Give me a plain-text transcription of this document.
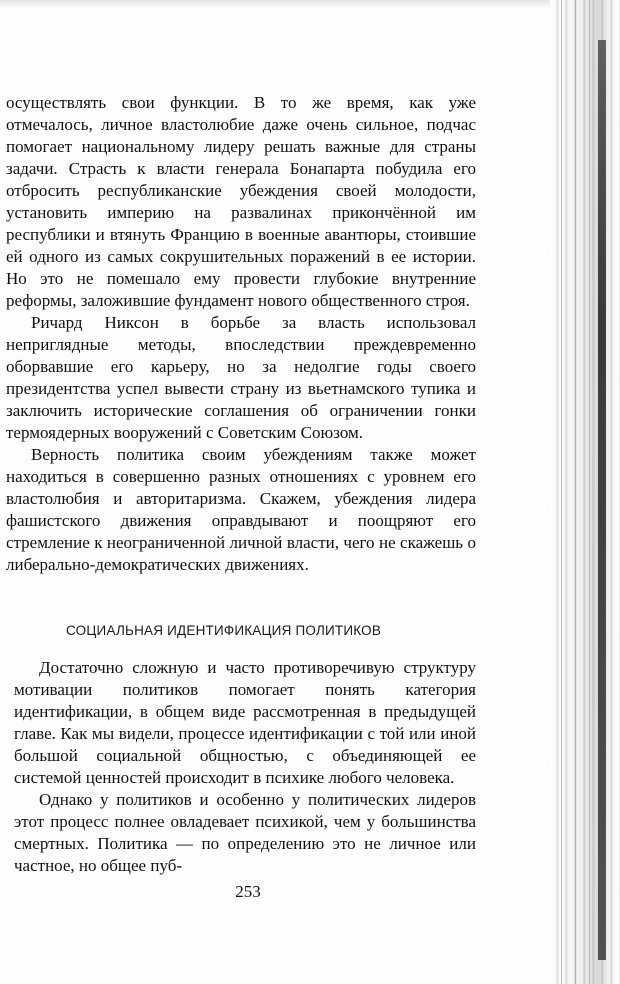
осуществлять свои функции. В то же время, как уже отмечалось, личное властолюбие даже очень сильное, подчас помогает национальному лидеру решать важные для страны задачи. Страсть к власти генерала Бонапарта побудила его отбросить республиканские убеждения своей молодости, установить империю на развалинах прикончённой им республики и втянуть Францию в военные авантюры, стоившие ей одного из самых сокрушительных поражений в ее истории. Но это не помешало ему провести глубокие внутренние реформы, заложившие фундамент нового общественного строя.

Ричард Никсон в борьбе за власть использовал неприглядные методы, впоследствии преждевременно оборвавшие его карьеру, но за недолгие годы своего президентства успел вывести страну из вьетнамского тупика и заключить исторические соглашения об ограничении гонки термоядерных вооружений с Советским Союзом.

Верность политика своим убеждениям также может находиться в совершенно разных отношениях с уровнем его властолюбия и авторитаризма. Скажем, убеждения лидера фашистского движения оправдывают и поощряют его стремление к неограниченной личной власти, чего не скажешь о либерально-демократических движениях.

СОЦИАЛЬНАЯ ИДЕНТИФИКАЦИЯ ПОЛИТИКОВ

Достаточно сложную и часто противоречивую структуру мотивации политиков помогает понять категория идентификации, в общем виде рассмотренная в предыдущей главе. Как мы видели, процессе идентификации с той или иной большой социальной общностью, с объединяющей ее системой ценностей происходит в психике любого человека.

Однако у политиков и особенно у политических лидеров этот процесс полнее овладевает психикой, чем у большинства смертных. Политика — по определению это не личное или частное, но общее пуб-

253
